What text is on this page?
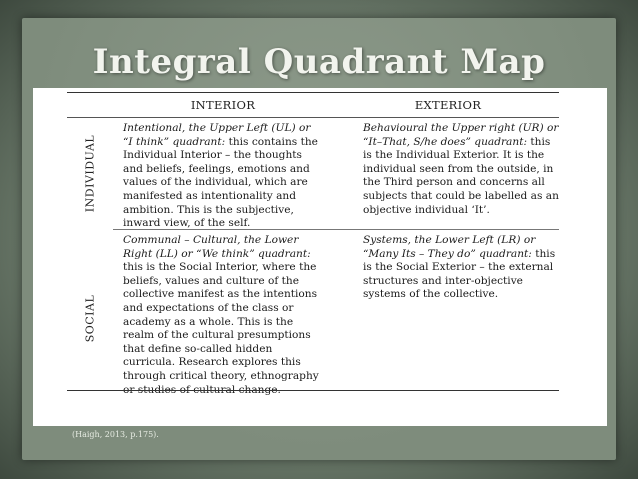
Integral Quadrant Map
INTERIOR	EXTERIOR
INDIVIDUAL
SOCIAL
Intentional, the Upper Left (UL) or “I think” quadrant: this contains the Individual Interior – the thoughts and beliefs, feelings, emotions and values of the individual, which are manifested as intentionality and ambition. This is the subjective, inward view, of the self.
Behavioural the Upper right (UR) or “It–That, S/he does” quadrant: this is the Individual Exterior. It is the individual seen from the outside, in the Third person and concerns all subjects that could be labelled as an objective individual ‘It’.
Communal – Cultural, the Lower Right (LL) or “We think” quadrant: this is the Social Interior, where the beliefs, values and culture of the collective manifest as the intentions and expectations of the class or academy as a whole. This is the realm of the cultural presumptions that define so-called hidden curricula. Research explores this through critical theory, ethnography or studies of cultural change.
Systems, the Lower Left (LR) or “Many Its – They do” quadrant: this is the Social Exterior – the external structures and inter-objective systems of the collective.
(Haigh, 2013, p.175).
